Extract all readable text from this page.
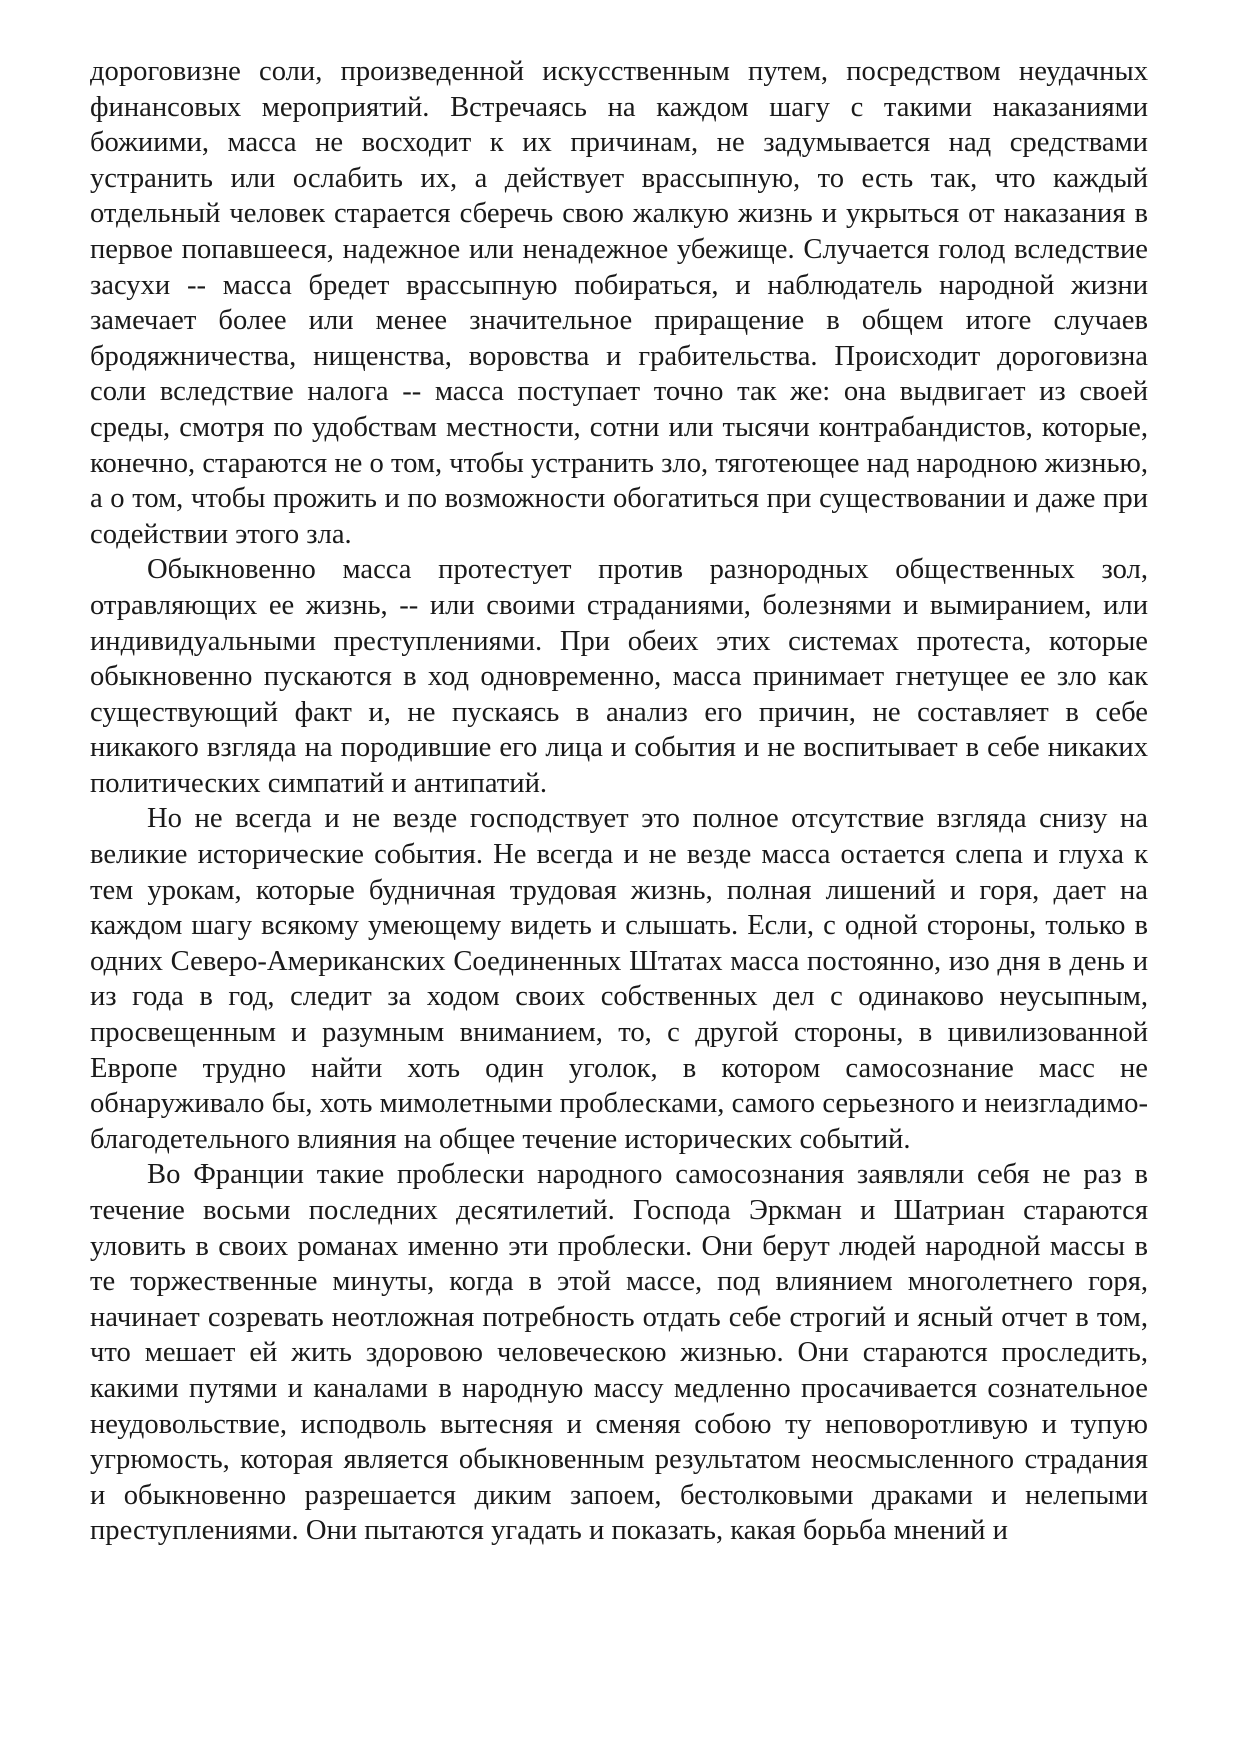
дороговизне соли, произведенной искусственным путем, посредством неудачных финансовых мероприятий. Встречаясь на каждом шагу с такими наказаниями божиими, масса не восходит к их причинам, не задумывается над средствами устранить или ослабить их, а действует врассыпную, то есть так, что каждый отдельный человек старается сберечь свою жалкую жизнь и укрыться от наказания в первое попавшееся, надежное или ненадежное убежище. Случается голод вследствие засухи -- масса бредет врассыпную побираться, и наблюдатель народной жизни замечает более или менее значительное приращение в общем итоге случаев бродяжничества, нищенства, воровства и грабительства. Происходит дороговизна соли вследствие налога -- масса поступает точно так же: она выдвигает из своей среды, смотря по удобствам местности, сотни или тысячи контрабандистов, которые, конечно, стараются не о том, чтобы устранить зло, тяготеющее над народною жизнью, а о том, чтобы прожить и по возможности обогатиться при существовании и даже при содействии этого зла.

Обыкновенно масса протестует против разнородных общественных зол, отравляющих ее жизнь, -- или своими страданиями, болезнями и вымиранием, или индивидуальными преступлениями. При обеих этих системах протеста, которые обыкновенно пускаются в ход одновременно, масса принимает гнетущее ее зло как существующий факт и, не пускаясь в анализ его причин, не составляет в себе никакого взгляда на породившие его лица и события и не воспитывает в себе никаких политических симпатий и антипатий.

Но не всегда и не везде господствует это полное отсутствие взгляда снизу на великие исторические события. Не всегда и не везде масса остается слепа и глуха к тем урокам, которые будничная трудовая жизнь, полная лишений и горя, дает на каждом шагу всякому умеющему видеть и слышать. Если, с одной стороны, только в одних Северо-Американских Соединенных Штатах масса постоянно, изо дня в день и из года в год, следит за ходом своих собственных дел с одинаково неусыпным, просвещенным и разумным вниманием, то, с другой стороны, в цивилизованной Европе трудно найти хоть один уголок, в котором самосознание масс не обнаруживало бы, хоть мимолетными проблесками, самого серьезного и неизгладимо-благодетельного влияния на общее течение исторических событий.

Во Франции такие проблески народного самосознания заявляли себя не раз в течение восьми последних десятилетий. Господа Эркман и Шатриан стараются уловить в своих романах именно эти проблески. Они берут людей народной массы в те торжественные минуты, когда в этой массе, под влиянием многолетнего горя, начинает созревать неотложная потребность отдать себе строгий и ясный отчет в том, что мешает ей жить здоровою человеческою жизнью. Они стараются проследить, какими путями и каналами в народную массу медленно просачивается сознательное неудовольствие, исподволь вытесняя и сменяя собою ту неповоротливую и тупую угрюмость, которая является обыкновенным результатом неосмысленного страдания и обыкновенно разрешается диким запоем, бестолковыми драками и нелепыми преступлениями. Они пытаются угадать и показать, какая борьба мнений и
